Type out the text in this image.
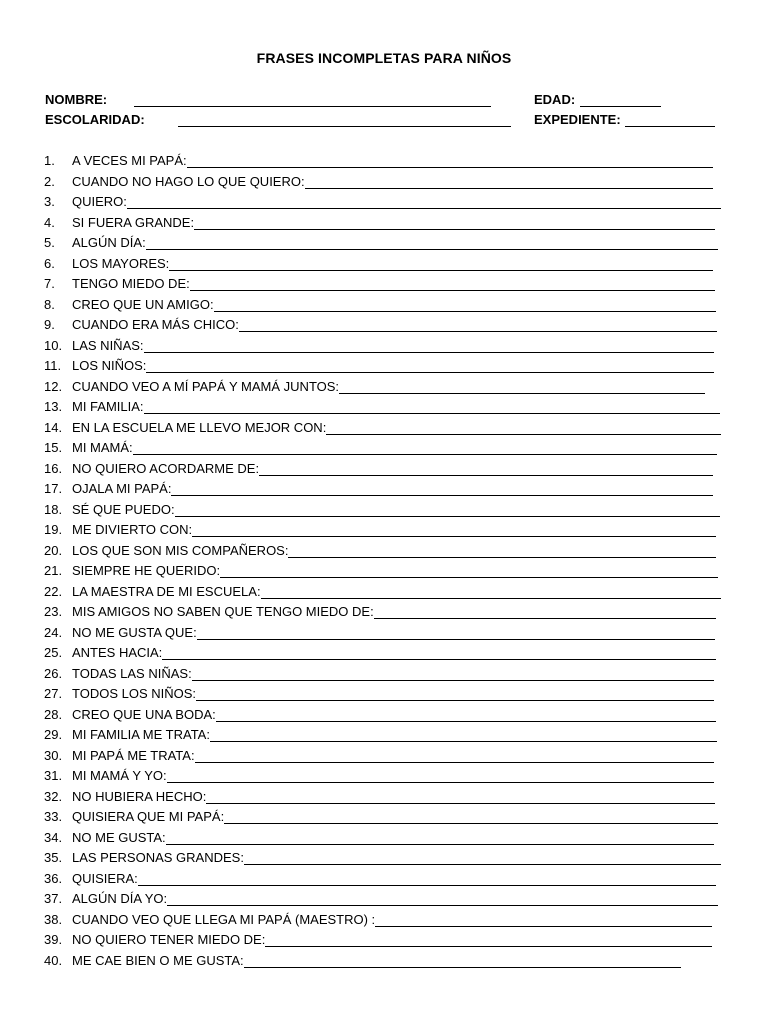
FRASES INCOMPLETAS PARA NIÑOS
NOMBRE:	EDAD:
ESCOLARIDAD:	EXPEDIENTE:
1. A VECES MI PAPÁ:
2. CUANDO NO HAGO LO QUE QUIERO:
3. QUIERO:
4. SI FUERA GRANDE:
5. ALGÚN DÍA:
6. LOS MAYORES:
7. TENGO MIEDO DE:
8. CREO QUE UN AMIGO:
9. CUANDO ERA MÁS CHICO:
10. LAS NIÑAS:
11. LOS NIÑOS:
12. CUANDO VEO A MÍ PAPÁ Y MAMÁ JUNTOS:
13. MI FAMILIA:
14. EN LA ESCUELA ME LLEVO MEJOR CON:
15. MI MAMÁ:
16. NO QUIERO ACORDARME DE:
17. OJALA MI PAPÁ:
18. SÉ QUE PUEDO:
19. ME DIVIERTO CON:
20. LOS QUE SON MIS COMPAÑEROS:
21. SIEMPRE HE QUERIDO:
22. LA MAESTRA DE MI ESCUELA:
23. MIS AMIGOS NO SABEN QUE TENGO MIEDO DE:
24. NO ME GUSTA QUE:
25. ANTES HACIA:
26. TODAS LAS NIÑAS:
27. TODOS LOS NIÑOS:
28. CREO QUE UNA BODA:
29. MI FAMILIA ME TRATA:
30. MI PAPÁ ME TRATA:
31. MI MAMÁ Y YO:
32. NO HUBIERA HECHO:
33. QUISIERA QUE MI PAPÁ:
34. NO ME GUSTA:
35. LAS PERSONAS GRANDES:
36. QUISIERA:
37. ALGÚN DÍA YO:
38. CUANDO VEO QUE LLEGA MI PAPÁ (MAESTRO) :
39. NO QUIERO TENER MIEDO DE:
40. ME CAE BIEN O ME GUSTA:
